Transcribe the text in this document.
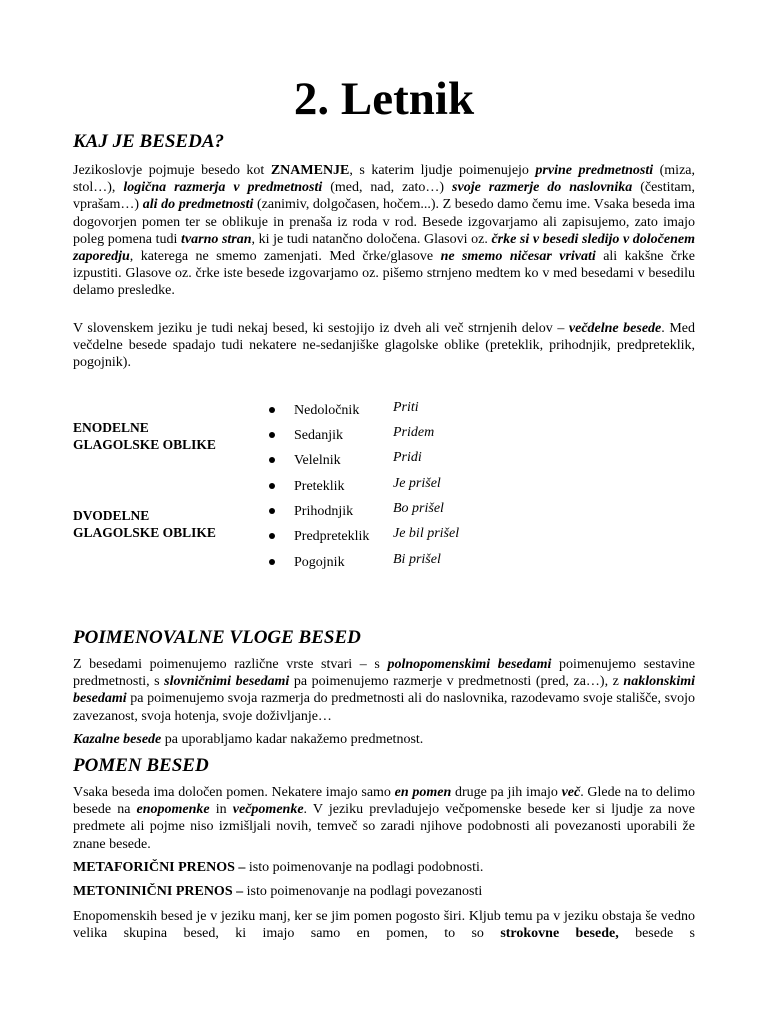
2. Letnik
KAJ JE BESEDA?

Jezikoslovje pojmuje besedo kot ZNAMENJE, s katerim ljudje poimenujejo prvine predmetnosti (miza, stol…), logična razmerja v predmetnosti (med, nad, zato…) svoje razmerje do naslovnika (čestitam, vprašam…) ali do predmetnosti (zanimiv, dolgočasen, hočem...). Z besedo damo čemu ime. Vsaka beseda ima dogovorjen pomen ter se oblikuje in prenaša iz roda v rod. Besede izgovarjamo ali zapisujemo, zato imajo poleg pomena tudi tvarno stran, ki je tudi natančno določena. Glasovi oz. črke si v besedi sledijo v določenem zaporedju, katerega ne smemo zamenjati. Med črke/glasove ne smemo ničesar vrivati ali kakšne črke izpustiti. Glasove oz. črke iste besede izgovarjamo oz. pišemo strnjeno medtem ko v med besedami v besedilu delamo presledke.

V slovenskem jeziku je tudi nekaj besed, ki sestojijo iz dveh ali več strnjenih delov – večdelne besede. Med večdelne besede spadajo tudi nekatere ne-sedanjiške glagolske oblike (preteklik, prihodnjik, predpreteklik, pogojnik).

ENODELNE
GLAGOLSKE OBLIKE
DVODELNE
GLAGOLSKE OBLIKE
Nedoločnik Priti
Sedanjik	Pridem
Velelnik	Pridi
Preteklik	Je prišel
Prihodnjik	Bo prišel
Predpreteklik Je bil prišel
Pogojnik	Bi prišel
POIMENOVALNE VLOGE BESED

Z besedami poimenujemo različne vrste stvari – s polnopomenskimi besedami poimenujemo sestavine predmetnosti, s slovničnimi besedami pa poimenujemo razmerje v predmetnosti (pred, za…), z naklonskimi besedami pa poimenujemo svoja razmerja do predmetnosti ali do naslovnika, razodevamo svoje stališče, svojo zavezanost, svoja hotenja, svoje doživljanje…

Kazalne besede pa uporabljamo kadar nakažemo predmetnost.

POMEN BESED

Vsaka beseda ima določen pomen. Nekatere imajo samo en pomen druge pa jih imajo več. Glede na to delimo besede na enopomenke in večpomenke. V jeziku prevladujejo večpomenske besede ker si ljudje za nove predmete ali pojme niso izmišljali novih, temveč so zaradi njihove podobnosti ali povezanosti uporabili že znane besede.

METAFORIČNI PRENOS – isto poimenovanje na podlagi podobnosti.

METONINIČNI PRENOS – isto poimenovanje na podlagi povezanosti

Enopomenskih besed je v jeziku manj, ker se jim pomen pogosto širi. Kljub temu pa v jeziku obstaja še vedno velika skupina besed, ki imajo samo en pomen, to so strokovne besede, besede s
